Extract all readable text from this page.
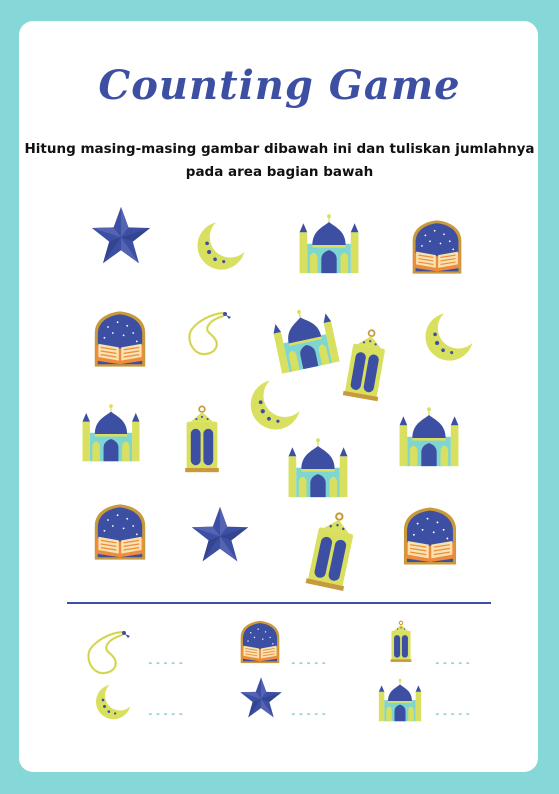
Counting Game
Hitung masing-masing gambar dibawah ini dan tuliskan jumlahnya
pada area bagian bawah
-----	-----	-----
-----	-----	-----
